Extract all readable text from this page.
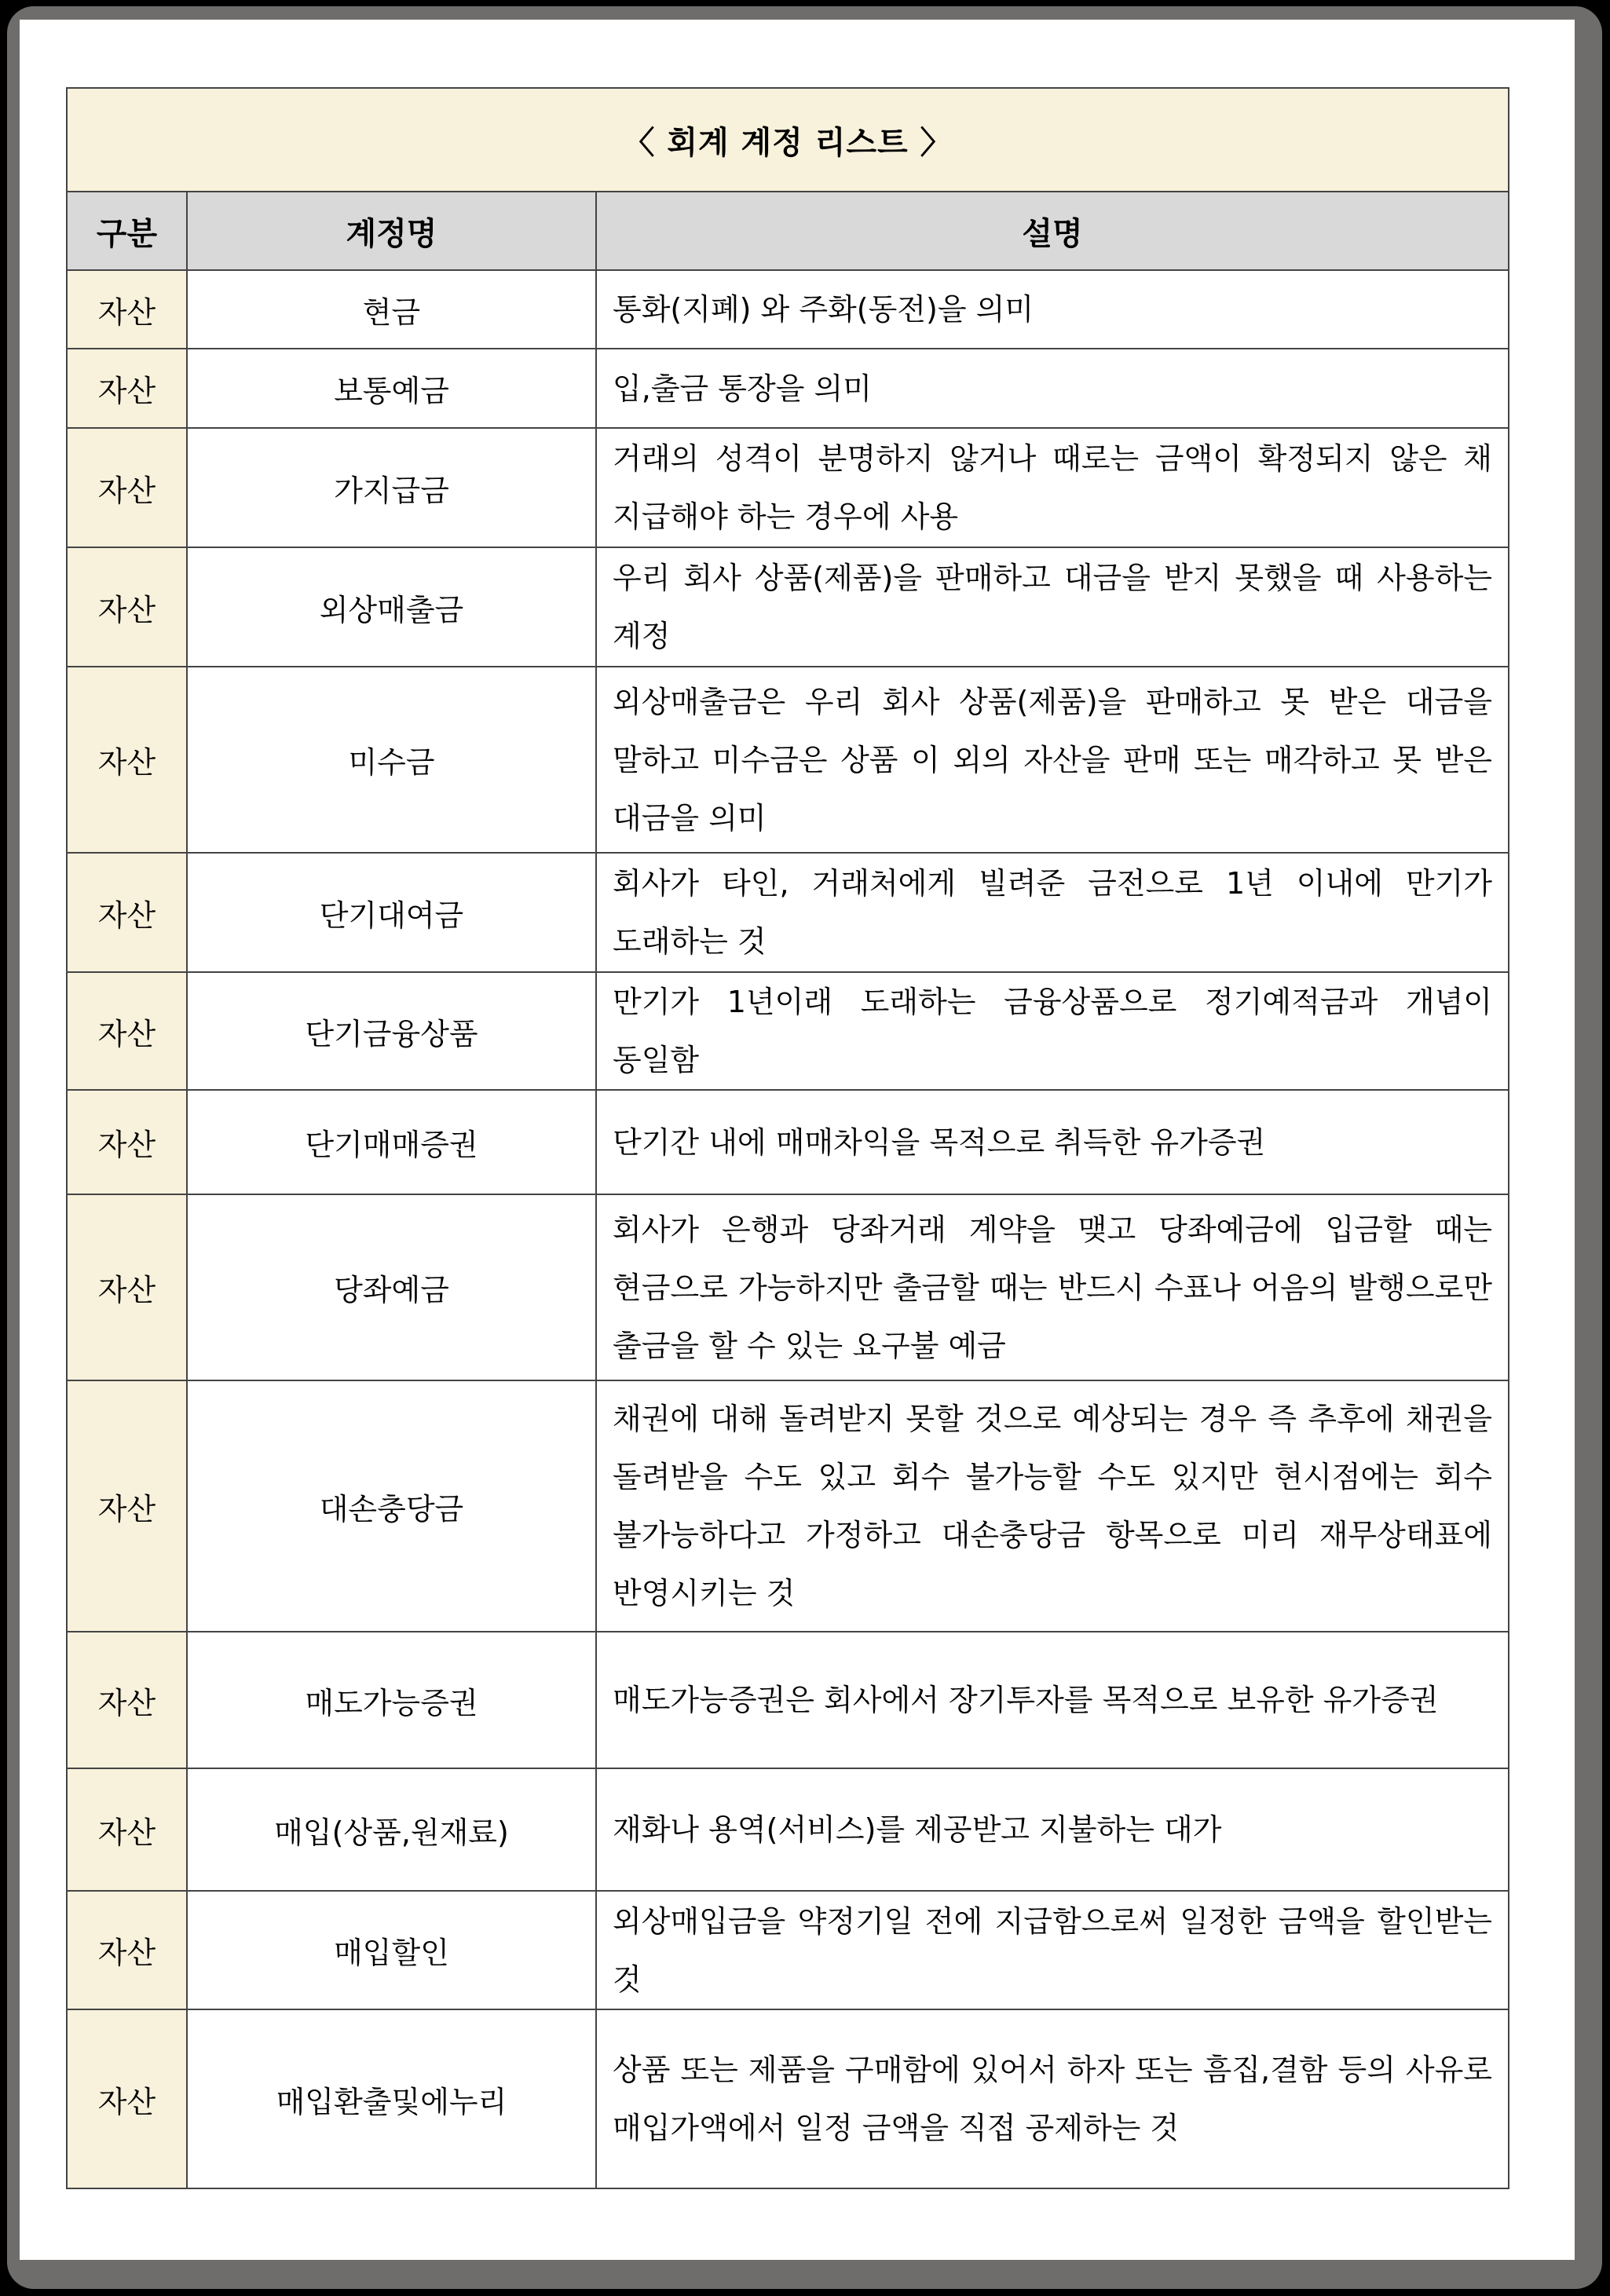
〈 회계 계정 리스트 〉		
구분	계정명	설명
자산	현금	통화(지폐) 와 주화(동전)을 의미
자산	보통예금	입,출금 통장을 의미
자산	가지급금	거래의 성격이 분명하지 않거나 때로는 금액이 확정되지 않은 채 지급해야 하는 경우에 사용
자산	외상매출금	우리 회사 상품(제품)을 판매하고 대금을 받지 못했을 때 사용하는 계정
자산	미수금	외상매출금은 우리 회사 상품(제품)을 판매하고 못 받은 대금을 말하고 미수금은 상품 이 외의 자산을 판매 또는 매각하고 못 받은 대금을 의미
자산	단기대여금	회사가 타인, 거래처에게 빌려준 금전으로 1년 이내에 만기가 도래하는 것
자산	단기금융상품	만기가 1년이래 도래하는 금융상품으로 정기예적금과 개념이 동일함
자산	단기매매증권	단기간 내에 매매차익을 목적으로 취득한 유가증권
자산	당좌예금	회사가 은행과 당좌거래 계약을 맺고 당좌예금에 입금할 때는 현금으로 가능하지만 출금할 때는 반드시 수표나 어음의 발행으로만 출금을 할 수 있는 요구불 예금
자산	대손충당금	채권에 대해 돌려받지 못할 것으로 예상되는 경우 즉 추후에 채권을 돌려받을 수도 있고 회수 불가능할 수도 있지만 현시점에는 회수 불가능하다고 가정하고 대손충당금 항목으로 미리 재무상태표에 반영시키는 것
자산	매도가능증권	매도가능증권은 회사에서 장기투자를 목적으로 보유한 유가증권
자산	매입(상품,원재료)	재화나 용역(서비스)를 제공받고 지불하는 대가
자산	매입할인	외상매입금을 약정기일 전에 지급함으로써 일정한 금액을 할인받는 것
자산	매입환출및에누리	상품 또는 제품을 구매함에 있어서 하자 또는 흠집,결함 등의 사유로 매입가액에서 일정 금액을 직접 공제하는 것
